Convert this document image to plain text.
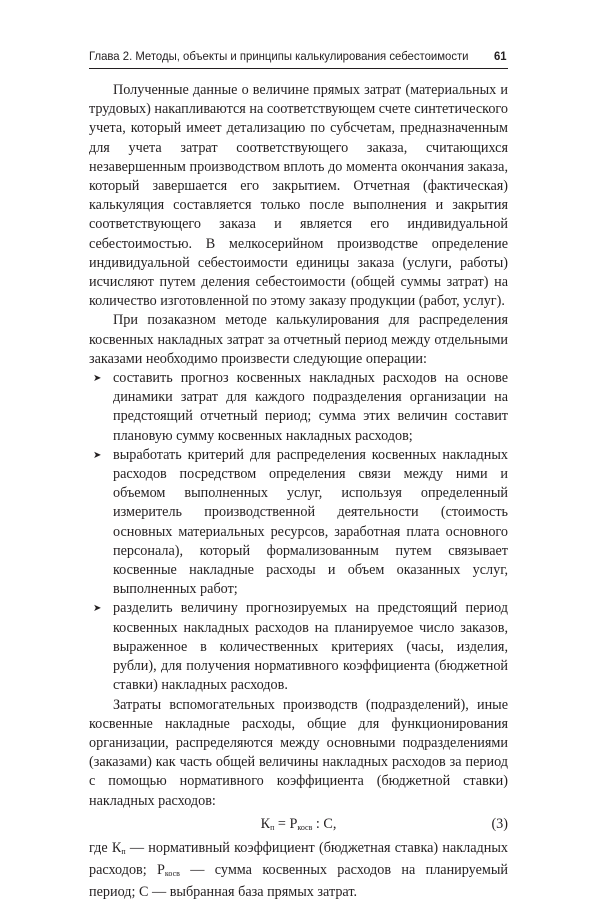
Глава 2. Методы, объекты и принципы калькулирования себестоимости 61

Полученные данные о величине прямых затрат (материальных и трудовых) накапливаются на соответствующем счете синтетического учета, который имеет детализацию по субсчетам, предназначенным для учета затрат соответствующего заказа, считающихся незавершенным производством вплоть до момента окончания заказа, который завершается его закрытием. Отчетная (фактическая) калькуляция составляется только после выполнения и закрытия соответствующего заказа и является его индивидуальной себестоимостью. В мелкосерийном производстве определение индивидуальной себестоимости единицы заказа (услуги, работы) исчисляют путем деления себестоимости (общей суммы затрат) на количество изготовленной по этому заказу продукции (работ, услуг).

При позаказном методе калькулирования для распределения косвенных накладных затрат за отчетный период между отдельными заказами необходимо произвести следующие операции:

➤ составить прогноз косвенных накладных расходов на основе динамики затрат для каждого подразделения организации на предстоящий отчетный период; сумма этих величин составит плановую сумму косвенных накладных расходов;
➤ выработать критерий для распределения косвенных накладных расходов посредством определения связи между ними и объемом выполненных услуг, используя определенный измеритель производственной деятельности (стоимость основных материальных ресурсов, заработная плата основного персонала), который формализованным путем связывает косвенные накладные расходы и объем оказанных услуг, выполненных работ;
➤ разделить величину прогнозируемых на предстоящий период косвенных накладных расходов на планируемое число заказов, выраженное в количественных критериях (часы, изделия, рубли), для получения нормативного коэффициента (бюджетной ставки) накладных расходов.

Затраты вспомогательных производств (подразделений), иные косвенные накладные расходы, общие для функционирования организации, распределяются между основными подразделениями (заказами) как часть общей величины накладных расходов за период с помощью нормативного коэффициента (бюджетной ставки) накладных расходов:

$К_п = Р_{косв}$ : С,	(3)

где $К_п$ — нормативный коэффициент (бюджетная ставка) накладных расходов; $Р_{косв}$ — сумма косвенных расходов на планируемый период; С — выбранная база прямых затрат.
